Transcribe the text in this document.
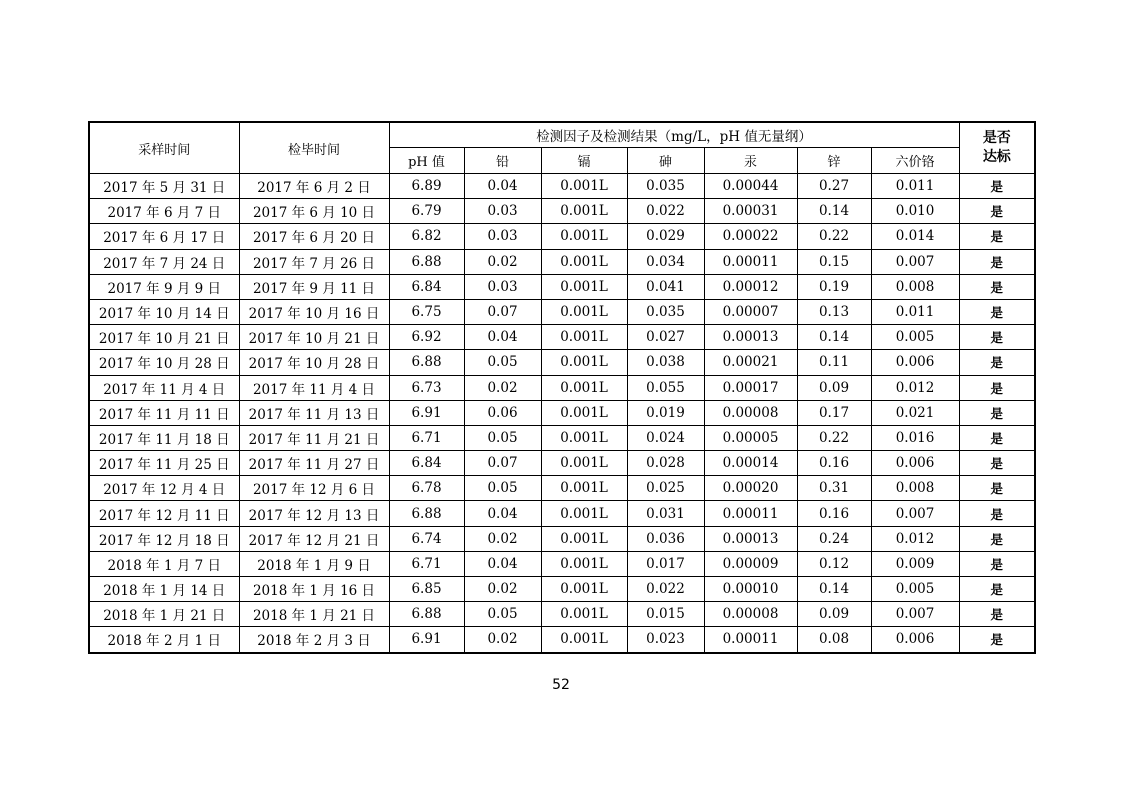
采样时间	检毕时间	检测因子及检测结果（mg/L，pH 值无量纲）							是否
达标
		pH 值	铅	镉	砷	汞	锌	六价铬	
2017 年 5 月 31 日	2017 年 6 月 2 日	6.89	0.04	0.001L	0.035	0.00044	0.27	0.011	是
2017 年 6 月 7 日	2017 年 6 月 10 日	6.79	0.03	0.001L	0.022	0.00031	0.14	0.010	是
2017 年 6 月 17 日	2017 年 6 月 20 日	6.82	0.03	0.001L	0.029	0.00022	0.22	0.014	是
2017 年 7 月 24 日	2017 年 7 月 26 日	6.88	0.02	0.001L	0.034	0.00011	0.15	0.007	是
2017 年 9 月 9 日	2017 年 9 月 11 日	6.84	0.03	0.001L	0.041	0.00012	0.19	0.008	是
2017 年 10 月 14 日	2017 年 10 月 16 日	6.75	0.07	0.001L	0.035	0.00007	0.13	0.011	是
2017 年 10 月 21 日	2017 年 10 月 21 日	6.92	0.04	0.001L	0.027	0.00013	0.14	0.005	是
2017 年 10 月 28 日	2017 年 10 月 28 日	6.88	0.05	0.001L	0.038	0.00021	0.11	0.006	是
2017 年 11 月 4 日	2017 年 11 月 4 日	6.73	0.02	0.001L	0.055	0.00017	0.09	0.012	是
2017 年 11 月 11 日	2017 年 11 月 13 日	6.91	0.06	0.001L	0.019	0.00008	0.17	0.021	是
2017 年 11 月 18 日	2017 年 11 月 21 日	6.71	0.05	0.001L	0.024	0.00005	0.22	0.016	是
2017 年 11 月 25 日	2017 年 11 月 27 日	6.84	0.07	0.001L	0.028	0.00014	0.16	0.006	是
2017 年 12 月 4 日	2017 年 12 月 6 日	6.78	0.05	0.001L	0.025	0.00020	0.31	0.008	是
2017 年 12 月 11 日	2017 年 12 月 13 日	6.88	0.04	0.001L	0.031	0.00011	0.16	0.007	是
2017 年 12 月 18 日	2017 年 12 月 21 日	6.74	0.02	0.001L	0.036	0.00013	0.24	0.012	是
2018 年 1 月 7 日	2018 年 1 月 9 日	6.71	0.04	0.001L	0.017	0.00009	0.12	0.009	是
2018 年 1 月 14 日	2018 年 1 月 16 日	6.85	0.02	0.001L	0.022	0.00010	0.14	0.005	是
2018 年 1 月 21 日	2018 年 1 月 21 日	6.88	0.05	0.001L	0.015	0.00008	0.09	0.007	是
2018 年 2 月 1 日	2018 年 2 月 3 日	6.91	0.02	0.001L	0.023	0.00011	0.08	0.006	是
52
